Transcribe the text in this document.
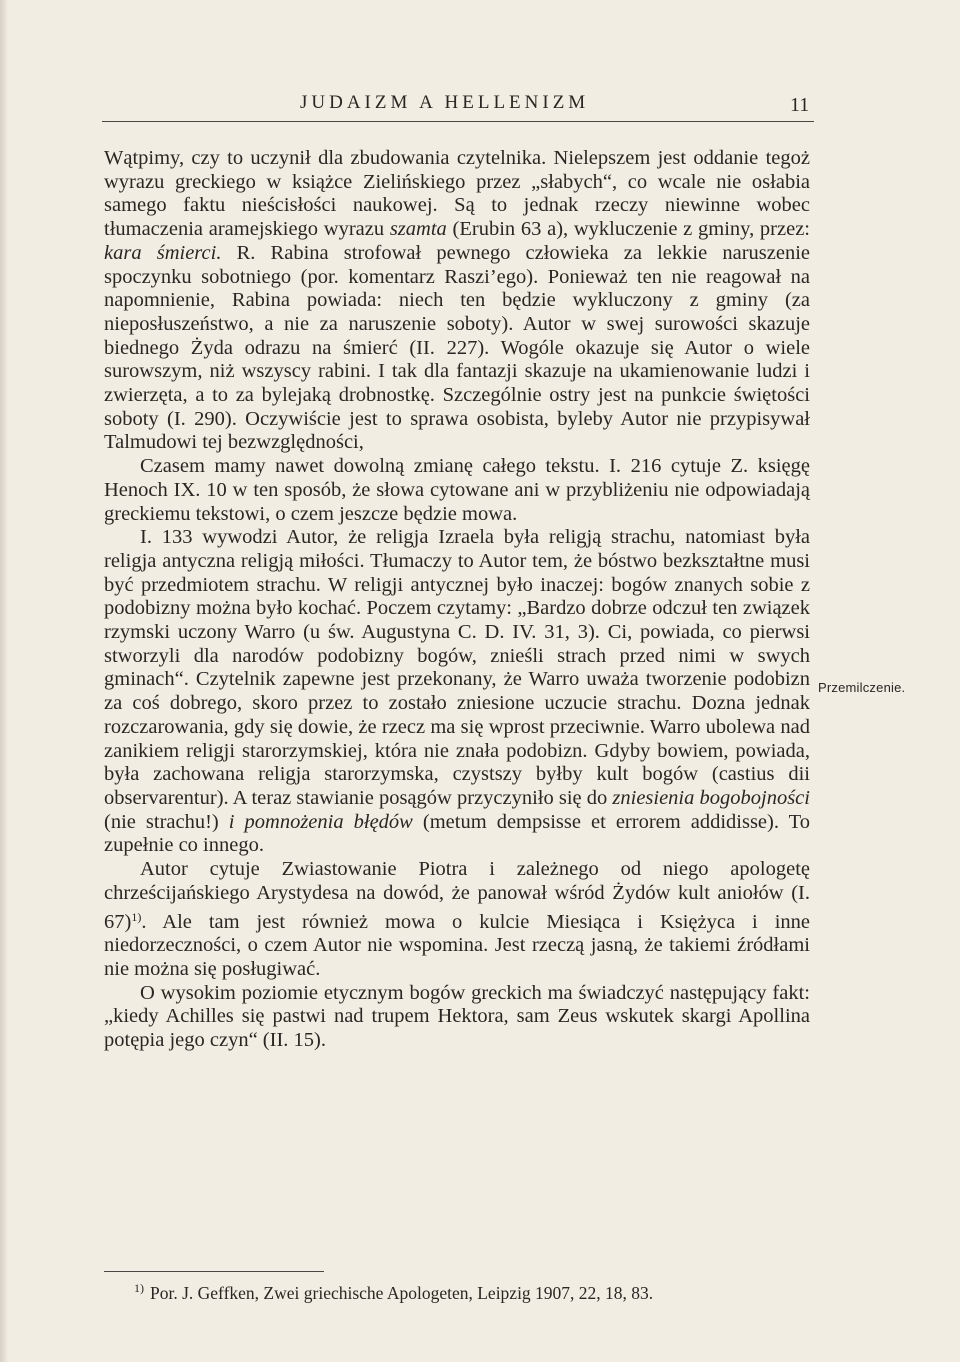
JUDAIZM A HELLENIZM	11

Wątpimy, czy to uczynił dla zbudowania czytelnika. Nielepszem jest oddanie tegoż wyrazu greckiego w książce Zielińskiego przez „słabych“, co wcale nie osłabia samego faktu nieścisłości naukowej. Są to jednak rzeczy niewinne wobec tłumaczenia aramejskiego wyrazu szamta (Erubin 63 a), wykluczenie z gminy, przez: kara śmierci. R. Rabina strofował pewnego człowieka za lekkie naruszenie spoczynku sobotniego (por. komentarz Raszi’ego). Ponieważ ten nie reagował na napomnienie, Rabina powiada: niech ten będzie wykluczony z gminy (za nieposłuszeństwo, a nie za naruszenie soboty). Autor w swej surowości skazuje biednego Żyda odrazu na śmierć (II. 227). Wogóle okazuje się Autor o wiele surowszym, niż wszyscy rabini. I tak dla fantazji skazuje na ukamienowanie ludzi i zwierzęta, a to za bylejaką drobnostkę. Szczególnie ostry jest na punkcie świętości soboty (I. 290). Oczywiście jest to sprawa osobista, byleby Autor nie przypisywał Talmudowi tej bezwzględności,

Czasem mamy nawet dowolną zmianę całego tekstu. I. 216 cytuje Z. księgę Henoch IX. 10 w ten sposób, że słowa cytowane ani w przybliżeniu nie odpowiadają greckiemu tekstowi, o czem jeszcze będzie mowa.

I. 133 wywodzi Autor, że religja Izraela była religją strachu, natomiast była religja antyczna religją miłości. Tłumaczy to Autor tem, że bóstwo bezkształtne musi być przedmiotem strachu. W religji antycznej było inaczej: bogów znanych sobie z podobizny można było kochać. Poczem czytamy: „Bardzo dobrze odczuł ten związek rzymski uczony Warro (u św. Augustyna C. D. IV. 31, 3). Ci, powiada, co pierwsi stworzyli dla narodów podobizny bogów, znieśli strach przed nimi w swych gminach“. Czytelnik zapewne jest przekonany, że Warro uważa tworzenie podobizn za coś dobrego, skoro przez to zostało zniesione uczucie strachu. Dozna jednak rozczarowania, gdy się dowie, że rzecz ma się wprost przeciwnie. Warro ubolewa nad zanikiem religji starorzymskiej, która nie znała podobizn. Gdyby bowiem, powiada, była zachowana religja starorzymska, czystszy byłby kult bogów (castius dii observarentur). A teraz stawianie posągów przyczyniło się do zniesienia bogobojności (nie strachu!) i pomnożenia błędów (metum dempsisse et errorem addidisse). To zupełnie co innego.

Autor cytuje Zwiastowanie Piotra i zależnego od niego apologetę chrześcijańskiego Arystydesa na dowód, że panował wśród Żydów kult aniołów (I. 67)$^{1)}$. Ale tam jest również mowa o kulcie Miesiąca i Księżyca i inne niedorzeczności, o czem Autor nie wspomina. Jest rzeczą jasną, że takiemi źródłami nie można się posługiwać.

O wysokim poziomie etycznym bogów greckich ma świadczyć następujący fakt: „kiedy Achilles się pastwi nad trupem Hektora, sam Zeus wskutek skargi Apollina potępia jego czyn“ (II. 15).

Przemilczenie.
$^{1)}$ Por. J. Geffken, Zwei griechische Apologeten, Leipzig 1907, 22, 18, 83.
